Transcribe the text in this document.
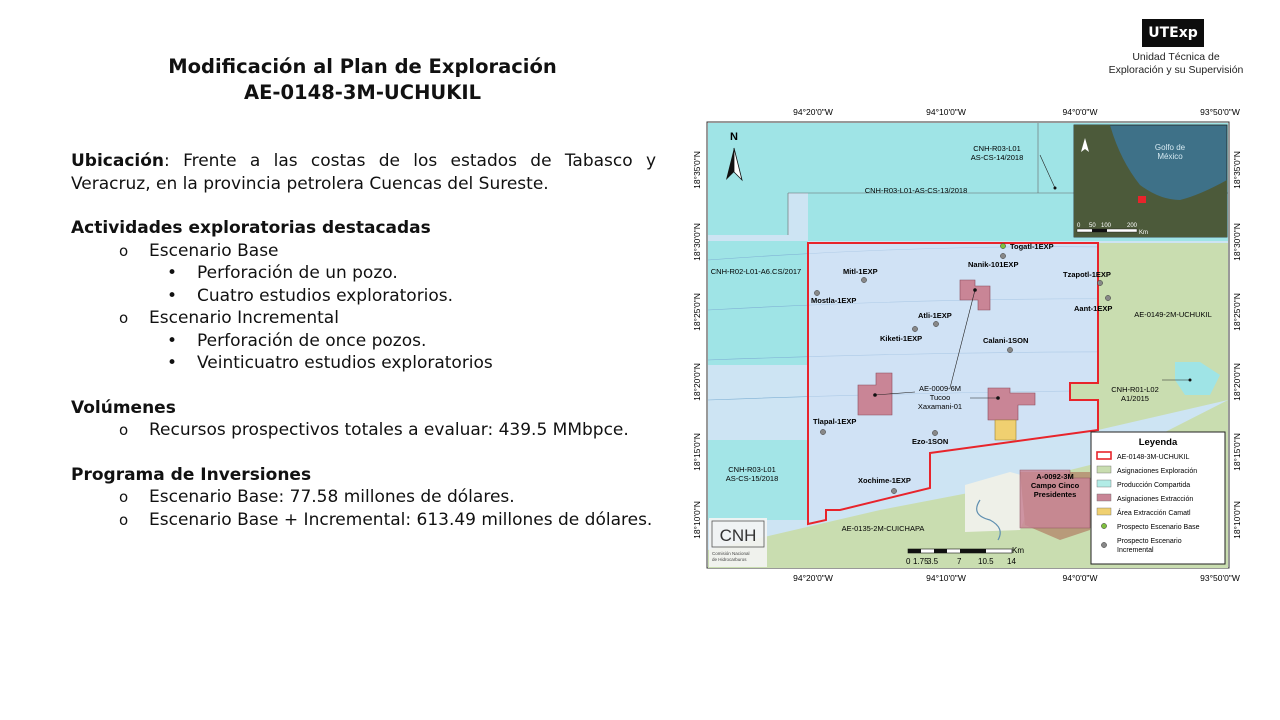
Modificación al Plan de Exploración
AE-0148-3M-UCHUKIL
UTExp
Unidad Técnica de
Exploración y su Supervisión

Ubicación: Frente a las costas de los estados de Tabasco y Veracruz, en la provincia petrolera Cuencas del Sureste.

Actividades exploratorias destacadas

o Escenario Base

• Perforación de un pozo.

• Cuatro estudios exploratorios.

o Escenario Incremental

• Perforación de once pozos.

• Veinticuatro estudios exploratorios

Volúmenes

o Recursos prospectivos totales a evaluar: 439.5 MMbpce.

Programa de Inversiones

o Escenario Base: 77.58 millones de dólares.

o Escenario Base + Incremental: 613.49 millones de dólares.

94°20'0"W	94°10'0"W	94°0'0"W	93°50'0"W
94°20'0"W	94°10'0"W	94°0'0"W	93°50'0"W
18°35'0"N
18°30'0"N
18°25'0"N
18°20'0"N
18°15'0"N
18°10'0"N
18°35'0"N
18°30'0"N
18°25'0"N
18°20'0"N
18°15'0"N
18°10'0"N
N
Golfo de
México
0 50 100	200
Km
CNH-R03-L01
AS-CS-14/2018
CNH-R03-L01-AS-CS-13/2018
CNH-R02-L01-A6.CS/2017
CNH-R03-L01
AS-CS-15/2018
AE-0149-2M-UCHUKIL
CNH-R01-L02
A1/2015
AE-0009-6M
Tucoo
Xaxamani-01
A-0092-3M
Campo Cinco
Presidentes
AE-0135-2M-CUICHAPA
Togatl-1EXP
Nanik-101EXP
Mitl-1EXP
Mostla-1EXP
Tzapotl-1EXP
Aant-1EXP
Atli-1EXP
Kiketi-1EXP	Calani-1SON
Tlapal-1EXP
Ezo-1SON
Xochime-1EXP
CNH
Comisión Nacional
de Hidrocarburos
Km
0 1.75
3.5 7 10.5 14
Leyenda
AE-0148-3M-UCHUKIL
Asignaciones Exploración
Producción Compartida
Asignaciones Extracción
Área Extracción Camatl
Prospecto Escenario Base
Prospecto Escenario
Incremental
